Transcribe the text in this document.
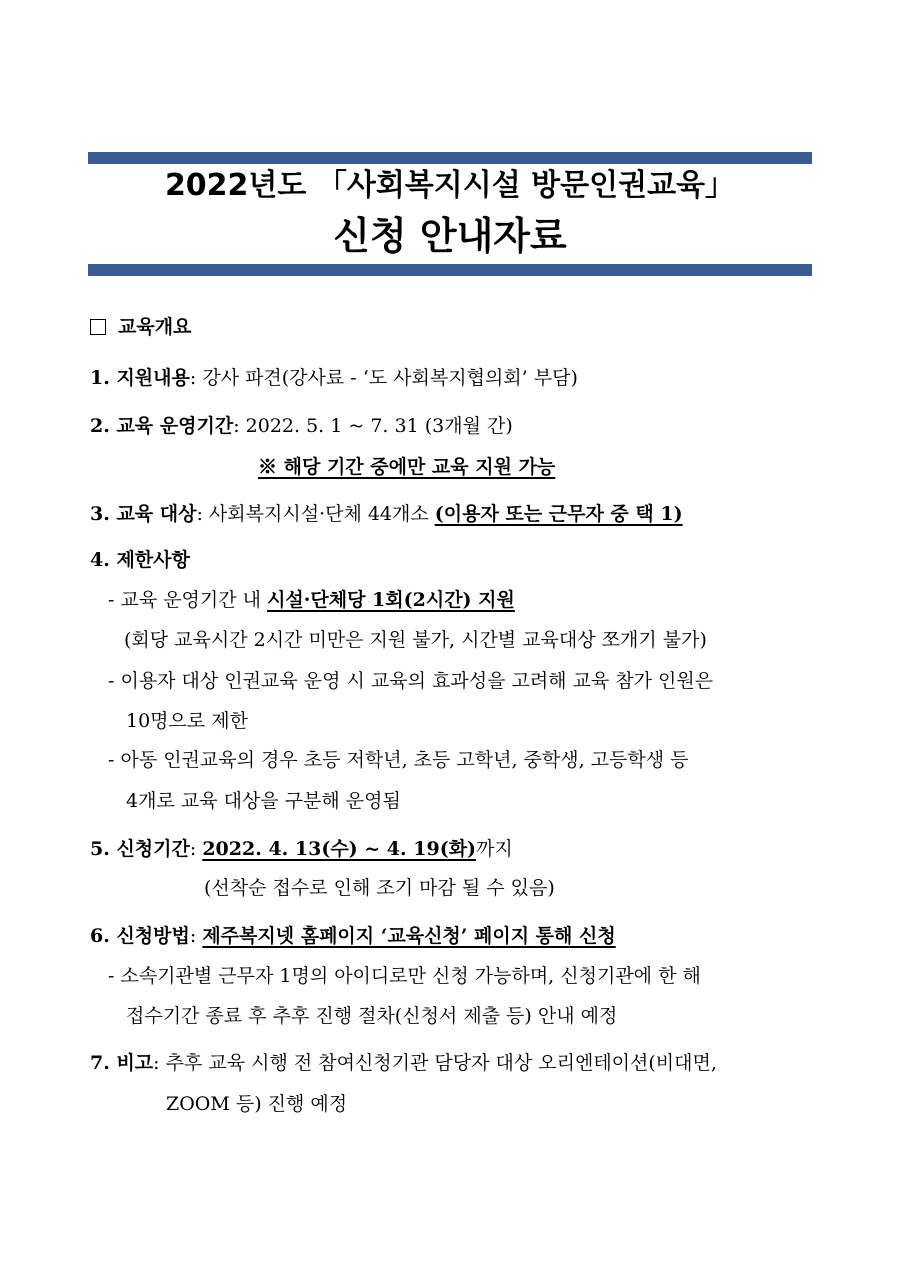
2022년도 「사회복지시설 방문인권교육」
신청 안내자료
교육개요
1. 지원내용: 강사 파견(강사료 - ‘도 사회복지협의회’ 부담)
2. 교육 운영기간: 2022. 5. 1 ~ 7. 31 (3개월 간)
※ 해당 기간 중에만 교육 지원 가능
3. 교육 대상: 사회복지시설·단체 44개소 (이용자 또는 근무자 중 택 1)
4. 제한사항
- 교육 운영기간 내 시설·단체당 1회(2시간) 지원
(회당 교육시간 2시간 미만은 지원 불가, 시간별 교육대상 쪼개기 불가)
- 이용자 대상 인권교육 운영 시 교육의 효과성을 고려해 교육 참가 인원은
10명으로 제한
- 아동 인권교육의 경우 초등 저학년, 초등 고학년, 중학생, 고등학생 등
4개로 교육 대상을 구분해 운영됨
5. 신청기간: 2022. 4. 13(수) ~ 4. 19(화)까지
(선착순 접수로 인해 조기 마감 될 수 있음)
6. 신청방법: 제주복지넷 홈페이지 ‘교육신청’ 페이지 통해 신청
- 소속기관별 근무자 1명의 아이디로만 신청 가능하며, 신청기관에 한 해
접수기간 종료 후 추후 진행 절차(신청서 제출 등) 안내 예정
7. 비고: 추후 교육 시행 전 참여신청기관 담당자 대상 오리엔테이션(비대면,
ZOOM 등) 진행 예정
